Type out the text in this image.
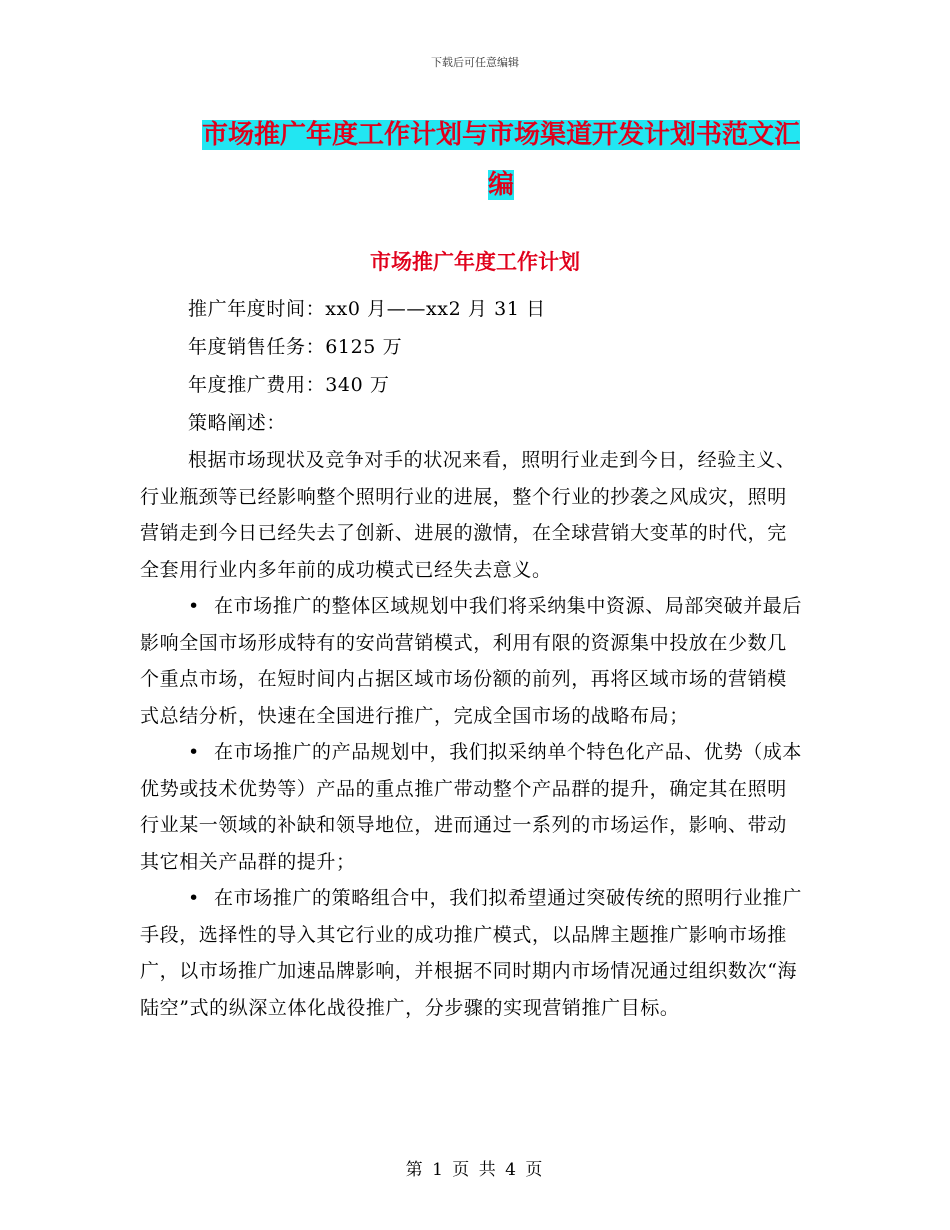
下载后可任意编辑
市场推广年度工作计划与市场渠道开发计划书范文汇
编
市场推广年度工作计划
推广年度时间：xx0 月——xx2 月 31 日
年度销售任务：6125 万
年度推广费用：340 万
策略阐述：

根据市场现状及竞争对手的状况来看，照明行业走到今日，经验主义、行业瓶颈等已经影响整个照明行业的进展，整个行业的抄袭之风成灾，照明营销走到今日已经失去了创新、进展的激情，在全球营销大变革的时代，完全套用行业内多年前的成功模式已经失去意义。

• 在市场推广的整体区域规划中我们将采纳集中资源、局部突破并最后影响全国市场形成特有的安尚营销模式，利用有限的资源集中投放在少数几个重点市场，在短时间内占据区域市场份额的前列，再将区域市场的营销模式总结分析，快速在全国进行推广，完成全国市场的战略布局；

• 在市场推广的产品规划中，我们拟采纳单个特色化产品、优势（成本优势或技术优势等）产品的重点推广带动整个产品群的提升，确定其在照明行业某一领域的补缺和领导地位，进而通过一系列的市场运作，影响、带动其它相关产品群的提升；

• 在市场推广的策略组合中，我们拟希望通过突破传统的照明行业推广手段，选择性的导入其它行业的成功推广模式，以品牌主题推广影响市场推广，以市场推广加速品牌影响，并根据不同时期内市场情况通过组织数次“海陆空”式的纵深立体化战役推广，分步骤的实现营销推广目标。

第 1 页 共 4 页
